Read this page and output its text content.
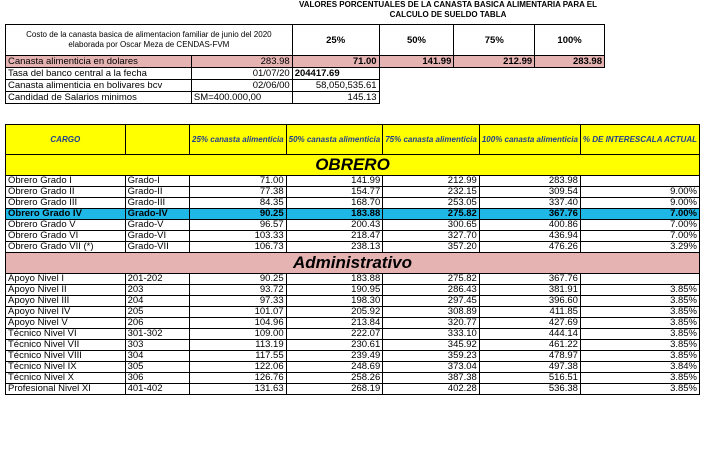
VALORES PORCENTUALES DE LA CANASTA BASICA ALIMENTARIA PARA EL CALCULO DE SUELDO TABLA
Costo de la canasta basica de alimentacion familiar de junio del 2020 elaborada por Oscar Meza de CENDAS-FVM		25%	50%	75%	100%
Canasta alimenticia en dolares	283.98	71.00	141.99	212.99	283.98
Tasa del banco central a la fecha	01/07/20	204417.69			
Canasta alimenticia en bolivares bcv	02/06/00	58,050,535.61			
Candidad de Salarios minimos	SM=400.000,00	145.13			
CARGO		25% canasta alimenticia	50% canasta alimenticia	75% canasta alimenticia	100% canasta alimenticia	% DE INTERESCALA ACTUAL
OBRERO						
Obrero Grado I	Grado-I	71.00	141.99	212.99	283.98	
Obrero Grado II	Grado-II	77.38	154.77	232.15	309.54	9.00%
Obrero Grado III	Grado-III	84.35	168.70	253.05	337.40	9.00%
Obrero Grado IV	Grado-IV	90.25	183.88	275.82	367.76	7.00%
Obrero Grado V	Grado-V	96.57	200.43	300.65	400.86	7.00%
Obrero Grado VI	Grado-VI	103.33	218.47	327.70	436.94	7.00%
Obrero Grado VII (*)	Grado-VII	106.73	238.13	357.20	476.26	3.29%
Administrativo						
Apoyo Nivel I	201-202	90.25	183.88	275.82	367.76	
Apoyo Nivel II	203	93.72	190.95	286.43	381.91	3.85%
Apoyo Nivel III	204	97.33	198.30	297.45	396.60	3.85%
Apoyo Nivel IV	205	101.07	205.92	308.89	411.85	3.85%
Apoyo Nivel V	206	104.96	213.84	320.77	427.69	3.85%
Técnico Nivel VI	301-302	109.00	222.07	333.10	444.14	3.85%
Técnico Nivel VII	303	113.19	230.61	345.92	461.22	3.85%
Técnico Nivel VIII	304	117.55	239.49	359.23	478.97	3.85%
Técnico Nivel IX	305	122.06	248.69	373.04	497.38	3.84%
Técnico Nivel X	306	126.76	258.26	387.38	516.51	3.85%
Profesional Nivel XI	401-402	131.63	268.19	402.28	536.38	3.85%
